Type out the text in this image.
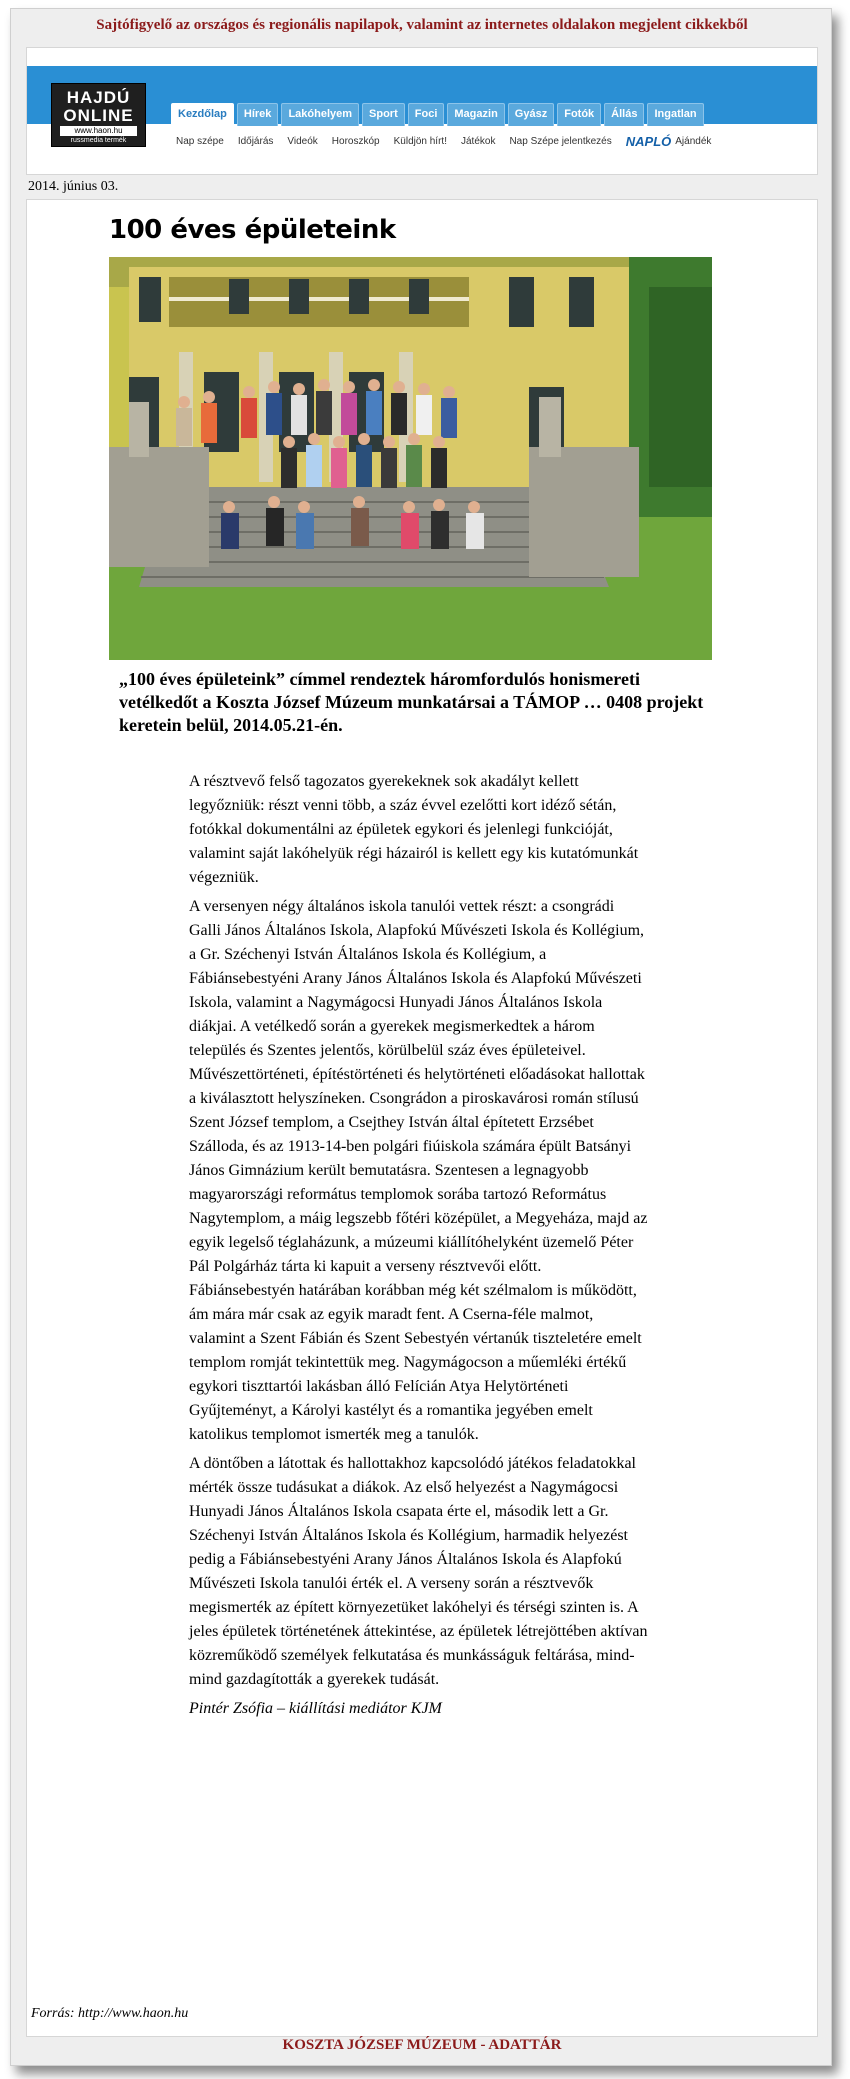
Sajtófigyelő az országos és regionális napilapok, valamint az internetes oldalakon megjelent cikkekből
HAJDÚ
ONLINE
www.haon.hu
russmedia termék
Kezdőlap	Hírek	Lakóhelyem	Sport	Foci	Magazin	Gyász	Fotók	Állás	Ingatlan
Nap szépe Időjárás Videók Horoszkóp Küldjön hírt! Játékok Nap Szépe jelentkezés NAPLÓ Ajándék
2014. június 03.
100 éves épületeink
„100 éves épületeink” címmel rendeztek háromfordulós honismereti vetélkedőt a Koszta József Múzeum munkatársai a TÁMOP … 0408 projekt keretein belül, 2014.05.21-én.

A résztvevő felső tagozatos gyerekeknek sok akadályt kellett legyőzniük: részt venni több, a száz évvel ezelőtti kort idéző sétán, fotókkal dokumentálni az épületek egykori és jelenlegi funkcióját, valamint saját lakóhelyük régi házairól is kellett egy kis kutatómunkát végezniük.

A versenyen négy általános iskola tanulói vettek részt: a csongrádi Galli János Általános Iskola, Alapfokú Művészeti Iskola és Kollégium, a Gr. Széchenyi István Általános Iskola és Kollégium, a Fábiánsebestyéni Arany János Általános Iskola és Alapfokú Művészeti Iskola, valamint a Nagymágocsi Hunyadi János Általános Iskola diákjai. A vetélkedő során a gyerekek megismerkedtek a három település és Szentes jelentős, körülbelül száz éves épületeivel.

Művészettörténeti, építéstörténeti és helytörténeti előadásokat hallottak a kiválasztott helyszíneken. Csongrádon a piroskavárosi román stílusú Szent József templom, a Csejthey István által építetett Erzsébet Szálloda, és az 1913-14-ben polgári fiúiskola számára épült Batsányi János Gimnázium került bemutatásra. Szentesen a legnagyobb magyarországi református templomok sorába tartozó Református Nagytemplom, a máig legszebb főtéri középület, a Megyeháza, majd az egyik legelső téglaházunk, a múzeumi kiállítóhelyként üzemelő Péter Pál Polgárház tárta ki kapuit a verseny résztvevői előtt. Fábiánsebestyén határában korábban még két szélmalom is működött, ám mára már csak az egyik maradt fent. A Cserna-féle malmot, valamint a Szent Fábián és Szent Sebestyén vértanúk tiszteletére emelt templom romját tekintettük meg. Nagymágocson a műemléki értékű egykori tiszttartói lakásban álló Felícián Atya Helytörténeti Gyűjteményt, a Károlyi kastélyt és a romantika jegyében emelt katolikus templomot ismerték meg a tanulók.

A döntőben a látottak és hallottakhoz kapcsolódó játékos feladatokkal mérték össze tudásukat a diákok. Az első helyezést a Nagymágocsi Hunyadi János Általános Iskola csapata érte el, második lett a Gr. Széchenyi István Általános Iskola és Kollégium, harmadik helyezést pedig a Fábiánsebestyéni Arany János Általános Iskola és Alapfokú Művészeti Iskola tanulói érték el. A verseny során a résztvevők megismerték az épített környezetüket lakóhelyi és térségi szinten is. A jeles épületek történetének áttekintése, az épületek létrejöttében aktívan közreműködő személyek felkutatása és munkásságuk feltárása, mind-mind gazdagították a gyerekek tudását.

Pintér Zsófia – kiállítási mediátor KJM

Forrás: http://www.haon.hu
KOSZTA JÓZSEF MÚZEUM - ADATTÁR
